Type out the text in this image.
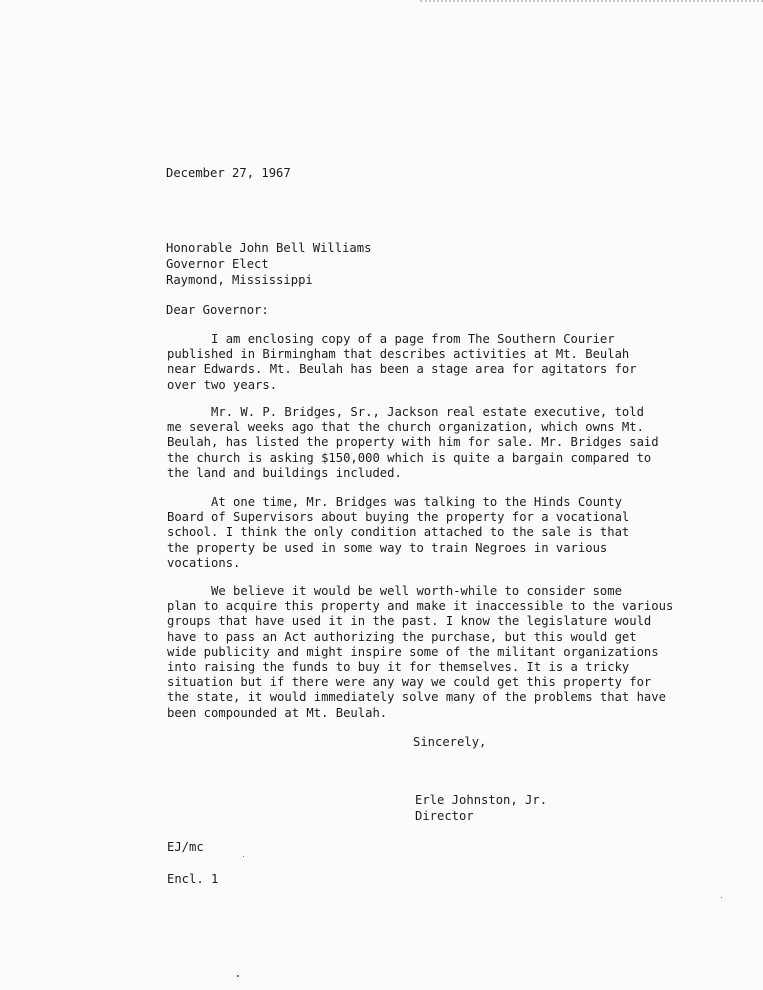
December 27, 1967
Honorable John Bell Williams
Governor Elect
Raymond, Mississippi
Dear Governor:
I am enclosing copy of a page from The Southern Courier
published in Birmingham that describes activities at Mt. Beulah
near Edwards. Mt. Beulah has been a stage area for agitators for
over two years.
Mr. W. P. Bridges, Sr., Jackson real estate executive, told
me several weeks ago that the church organization, which owns Mt.
Beulah, has listed the property with him for sale. Mr. Bridges said
the church is asking $150,000 which is quite a bargain compared to
the land and buildings included.
At one time, Mr. Bridges was talking to the Hinds County
Board of Supervisors about buying the property for a vocational
school. I think the only condition attached to the sale is that
the property be used in some way to train Negroes in various
vocations.
We believe it would be well worth-while to consider some
plan to acquire this property and make it inaccessible to the various
groups that have used it in the past. I know the legislature would
have to pass an Act authorizing the purchase, but this would get
wide publicity and might inspire some of the militant organizations
into raising the funds to buy it for themselves. It is a tricky
situation but if there were any way we could get this property for
the state, it would immediately solve many of the problems that have
been compounded at Mt. Beulah.
Sincerely,
Erle Johnston, Jr.
Director
EJ/mc
Encl. 1
